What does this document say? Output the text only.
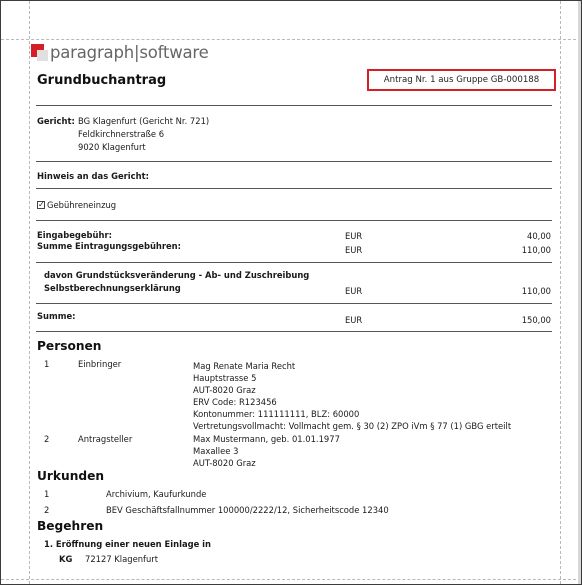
paragraph|software
Grundbuchantrag	Antrag Nr. 1 aus Gruppe GB-000188
Gericht: BG Klagenfurt (Gericht Nr. 721)
Feldkirchnerstraße 6
9020 Klagenfurt
Hinweis an das Gericht:
✓ Gebühreneinzug
Eingabegebühr:	EUR	40,00
Summe Eintragungsgebühren:	EUR	110,00
davon Grundstücksveränderung - Ab- und Zuschreibung
Selbstberechnungserklärung	EUR	110,00
Summe:	EUR	150,00
Personen
1	Einbringer	Mag Renate Maria Recht
Hauptstrasse 5
AUT-8020 Graz
ERV Code: R123456
Kontonummer: 111111111, BLZ: 60000
Vertretungsvollmacht: Vollmacht gem. § 30 (2) ZPO iVm § 77 (1) GBG erteilt
2	Antragsteller	Max Mustermann, geb. 01.01.1977
Maxallee 3
AUT-8020 Graz
Urkunden
1	Archivium, Kaufurkunde
2	BEV Geschäftsfallnummer 100000/2222/12, Sicherheitscode 12340
Begehren
1. Eröffnung einer neuen Einlage in
KG 72127 Klagenfurt
